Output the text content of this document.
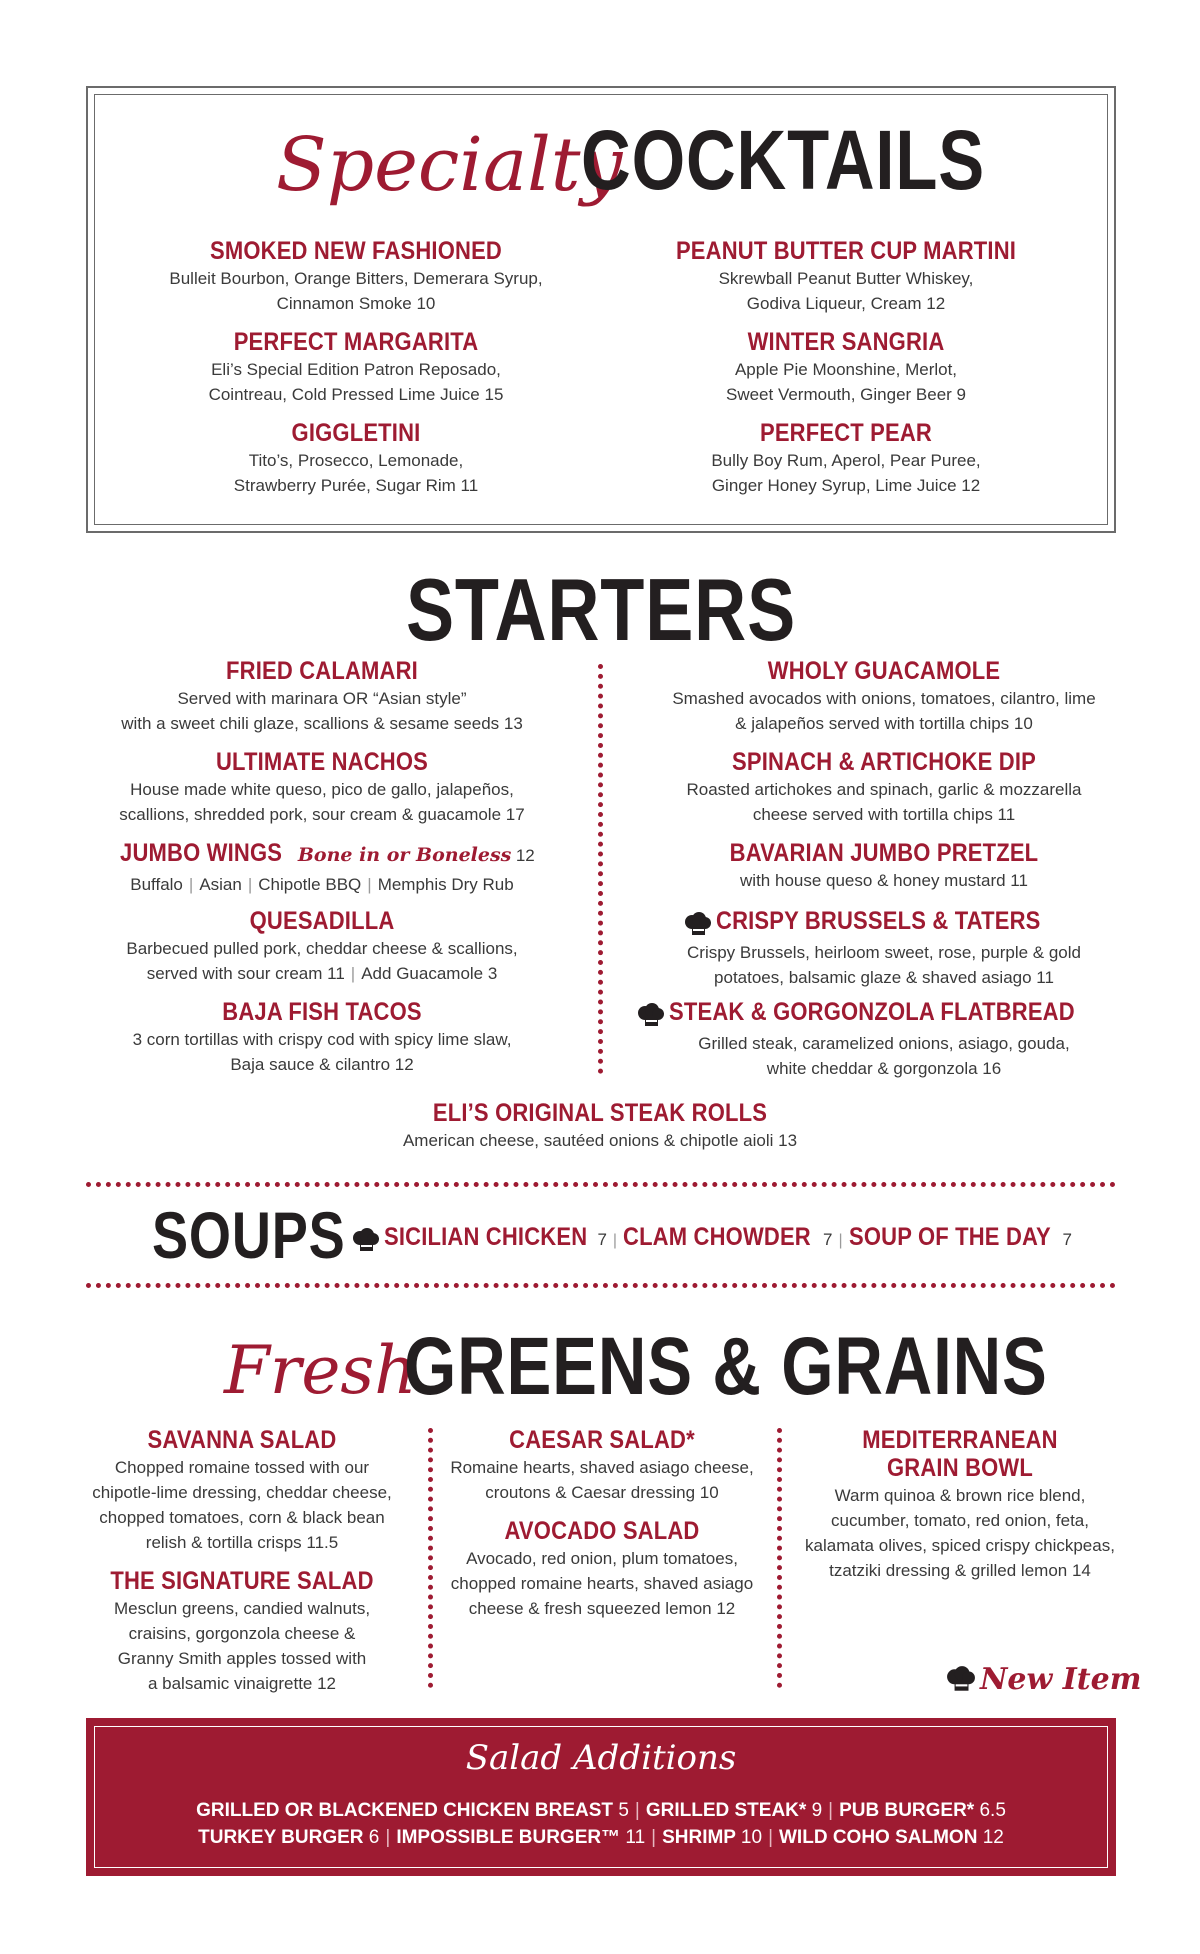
Specialty
COCKTAILS
SMOKED NEW FASHIONED
Bulleit Bourbon, Orange Bitters, Demerara Syrup,
Cinnamon Smoke 10
PEANUT BUTTER CUP MARTINI
Skrewball Peanut Butter Whiskey,
Godiva Liqueur, Cream 12
PERFECT MARGARITA
Eli’s Special Edition Patron Reposado,
Cointreau, Cold Pressed Lime Juice 15
WINTER SANGRIA
Apple Pie Moonshine, Merlot,
Sweet Vermouth, Ginger Beer 9
GIGGLETINI
Tito’s, Prosecco, Lemonade,
Strawberry Purée, Sugar Rim 11
PERFECT PEAR
Bully Boy Rum, Aperol, Pear Puree,
Ginger Honey Syrup, Lime Juice 12
STARTERS
FRIED CALAMARI
Served with marinara OR “Asian style”
with a sweet chili glaze, scallions & sesame seeds 13
ULTIMATE NACHOS
House made white queso, pico de gallo, jalapeños,
scallions, shredded pork, sour cream & guacamole 17
JUMBO WINGS Bone in or Boneless 12
Buffalo | Asian | Chipotle BBQ | Memphis Dry Rub
QUESADILLA
Barbecued pulled pork, cheddar cheese & scallions,
served with sour cream 11 | Add Guacamole 3
BAJA FISH TACOS
3 corn tortillas with crispy cod with spicy lime slaw,
Baja sauce & cilantro 12
WHOLY GUACAMOLE
Smashed avocados with onions, tomatoes, cilantro, lime
& jalapeños served with tortilla chips 10
SPINACH & ARTICHOKE DIP
Roasted artichokes and spinach, garlic & mozzarella
cheese served with tortilla chips 11
BAVARIAN JUMBO PRETZEL
with house queso & honey mustard 11
CRISPY BRUSSELS & TATERS
Crispy Brussels, heirloom sweet, rose, purple & gold
potatoes, balsamic glaze & shaved asiago 11
STEAK & GORGONZOLA FLATBREAD
Grilled steak, caramelized onions, asiago, gouda,
white cheddar & gorgonzola 16
ELI’S ORIGINAL STEAK ROLLS
American cheese, sautéed onions & chipotle aioli 13
SOUPS	SICILIAN CHICKEN 7 | CLAM CHOWDER 7 | SOUP OF THE DAY 7
Fresh
GREENS & GRAINS
SAVANNA SALAD
Chopped romaine tossed with our
chipotle-lime dressing, cheddar cheese,
chopped tomatoes, corn & black bean
relish & tortilla crisps 11.5
THE SIGNATURE SALAD
Mesclun greens, candied walnuts,
craisins, gorgonzola cheese &
Granny Smith apples tossed with
a balsamic vinaigrette 12
CAESAR SALAD*
Romaine hearts, shaved asiago cheese,
croutons & Caesar dressing 10
AVOCADO SALAD
Avocado, red onion, plum tomatoes,
chopped romaine hearts, shaved asiago
cheese & fresh squeezed lemon 12
MEDITERRANEAN
GRAIN BOWL
Warm quinoa & brown rice blend,
cucumber, tomato, red onion, feta,
kalamata olives, spiced crispy chickpeas,
tzatziki dressing & grilled lemon 14
New Item
Salad Additions
GRILLED OR BLACKENED CHICKEN BREAST 5 | GRILLED STEAK* 9 | PUB BURGER* 6.5
TURKEY BURGER 6 | IMPOSSIBLE BURGER™ 11 | SHRIMP 10 | WILD COHO SALMON 12
